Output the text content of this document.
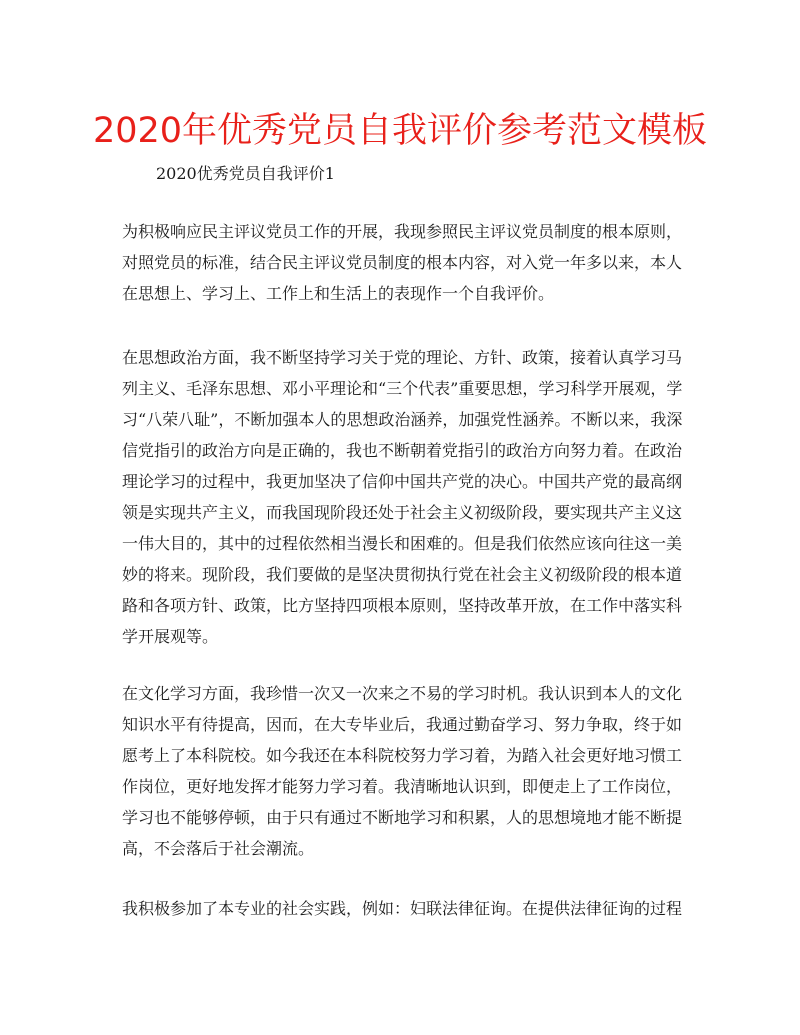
2020年优秀党员自我评价参考范文模板
2020优秀党员自我评价1
为积极响应民主评议党员工作的开展，我现参照民主评议党员制度的根本原则，
对照党员的标准，结合民主评议党员制度的根本内容，对入党一年多以来，本人
在思想上、学习上、工作上和生活上的表现作一个自我评价。
在思想政治方面，我不断坚持学习关于党的理论、方针、政策，接着认真学习马
列主义、毛泽东思想、邓小平理论和“三个代表”重要思想，学习科学开展观，学
习“八荣八耻”，不断加强本人的思想政治涵养，加强党性涵养。不断以来，我深
信党指引的政治方向是正确的，我也不断朝着党指引的政治方向努力着。在政治
理论学习的过程中，我更加坚决了信仰中国共产党的决心。中国共产党的最高纲
领是实现共产主义，而我国现阶段还处于社会主义初级阶段，要实现共产主义这
一伟大目的，其中的过程依然相当漫长和困难的。但是我们依然应该向往这一美
妙的将来。现阶段，我们要做的是坚决贯彻执行党在社会主义初级阶段的根本道
路和各项方针、政策，比方坚持四项根本原则，坚持改革开放，在工作中落实科
学开展观等。
在文化学习方面，我珍惜一次又一次来之不易的学习时机。我认识到本人的文化
知识水平有待提高，因而，在大专毕业后，我通过勤奋学习、努力争取，终于如
愿考上了本科院校。如今我还在本科院校努力学习着，为踏入社会更好地习惯工
作岗位，更好地发挥才能努力学习着。我清晰地认识到，即便走上了工作岗位，
学习也不能够停顿，由于只有通过不断地学习和积累，人的思想境地才能不断提
高，不会落后于社会潮流。
我积极参加了本专业的社会实践，例如：妇联法律征询。在提供法律征询的过程
